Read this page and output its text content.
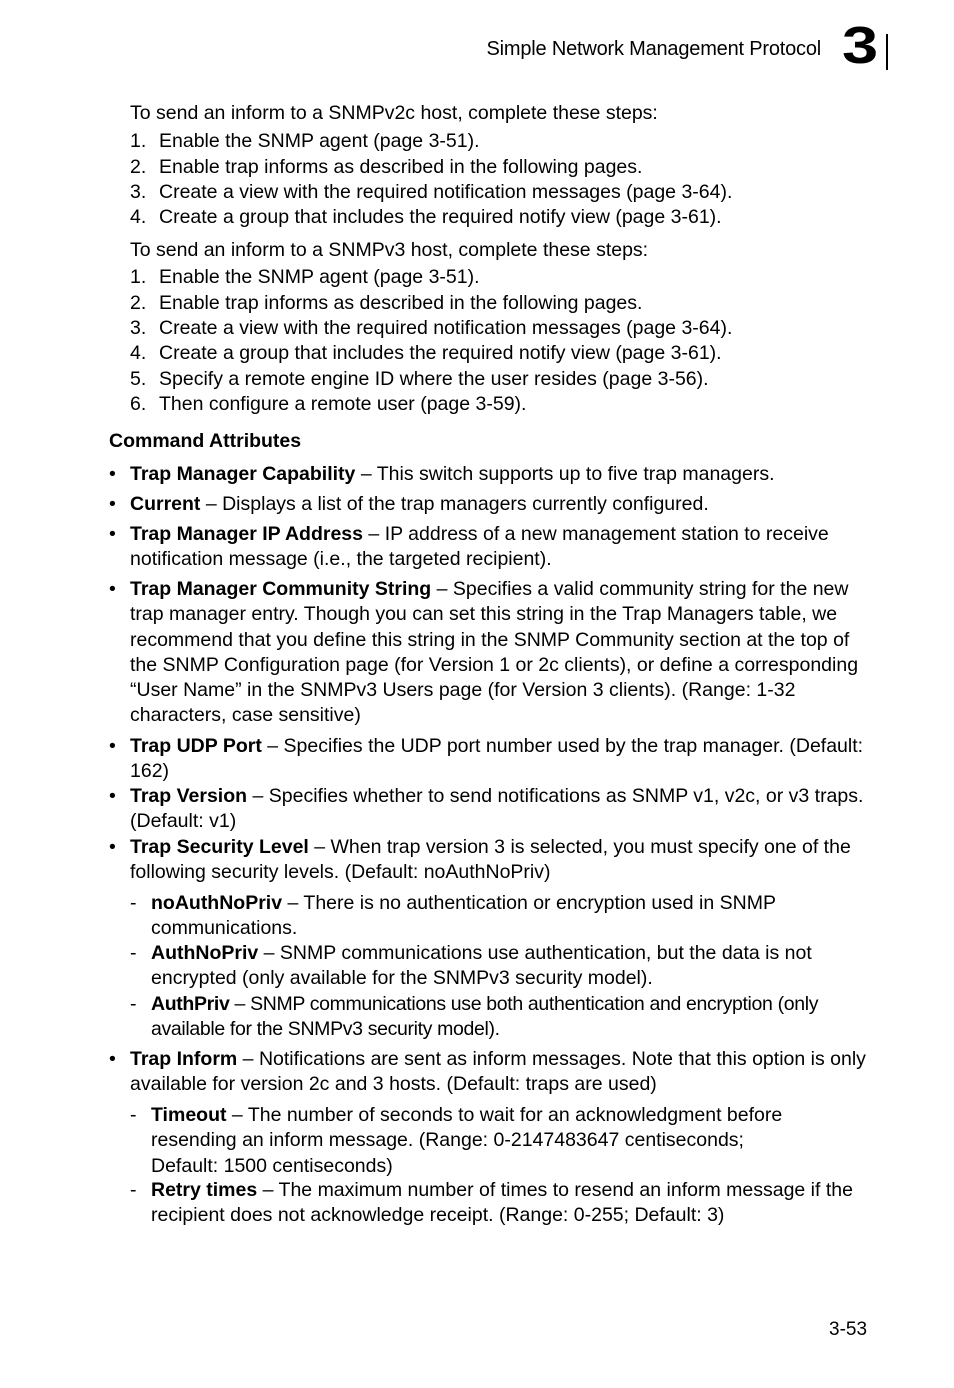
Simple Network Management Protocol 3
To send an inform to a SNMPv2c host, complete these steps:
1. Enable the SNMP agent (page 3-51).
2. Enable trap informs as described in the following pages.
3. Create a view with the required notification messages (page 3-64).
4. Create a group that includes the required notify view (page 3-61).
To send an inform to a SNMPv3 host, complete these steps:
1. Enable the SNMP agent (page 3-51).
2. Enable trap informs as described in the following pages.
3. Create a view with the required notification messages (page 3-64).
4. Create a group that includes the required notify view (page 3-61).
5. Specify a remote engine ID where the user resides (page 3-56).
6. Then configure a remote user (page 3-59).
Command Attributes
• Trap Manager Capability – This switch supports up to five trap managers.
• Current – Displays a list of the trap managers currently configured.
• Trap Manager IP Address – IP address of a new management station to receive notification message (i.e., the targeted recipient).
• Trap Manager Community String – Specifies a valid community string for the new trap manager entry. Though you can set this string in the Trap Managers table, we recommend that you define this string in the SNMP Community section at the top of the SNMP Configuration page (for Version 1 or 2c clients), or define a corresponding “User Name” in the SNMPv3 Users page (for Version 3 clients). (Range: 1-32 characters, case sensitive)
• Trap UDP Port – Specifies the UDP port number used by the trap manager. (Default: 162)
• Trap Version – Specifies whether to send notifications as SNMP v1, v2c, or v3 traps. (Default: v1)
• Trap Security Level – When trap version 3 is selected, you must specify one of the following security levels. (Default: noAuthNoPriv)
- noAuthNoPriv – There is no authentication or encryption used in SNMP communications.
- AuthNoPriv – SNMP communications use authentication, but the data is not encrypted (only available for the SNMPv3 security model).
- AuthPriv – SNMP communications use both authentication and encryption (only available for the SNMPv3 security model).
• Trap Inform – Notifications are sent as inform messages. Note that this option is only available for version 2c and 3 hosts. (Default: traps are used)
- Timeout – The number of seconds to wait for an acknowledgment before resending an inform message. (Range: 0-2147483647 centiseconds;
Default: 1500 centiseconds)
- Retry times – The maximum number of times to resend an inform message if the recipient does not acknowledge receipt. (Range: 0-255; Default: 3)
3-53
